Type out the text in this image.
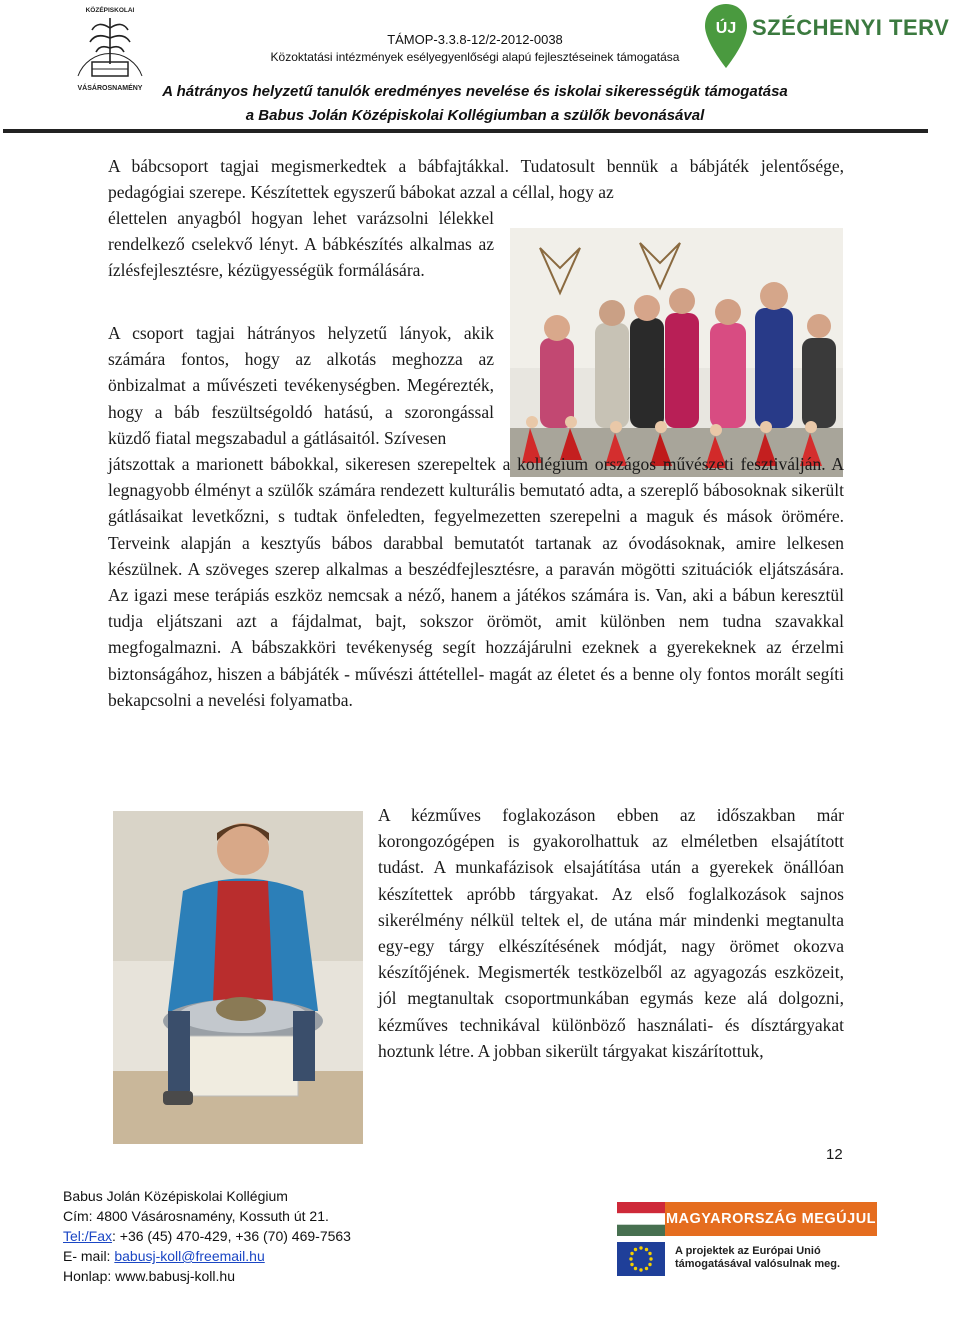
KÖZÉPISKOLAI
VÁSÁROSNAMÉNY
TÁMOP-3.3.8-12/2-2012-0038
Közoktatási intézmények esélyegyenlőségi alapú fejlesztéseinek támogatása
A hátrányos helyzetű tanulók eredményes nevelése és iskolai sikerességük támogatása
a Babus Jolán Középiskolai Kollégiumban a szülők bevonásával
ÚJ SZÉCHENYI TERV

A bábcsoport tagjai megismerkedtek a bábfajtákkal. Tudatosult bennük a bábjáték jelentősége, pedagógiai szerepe. Készítettek egyszerű bábokat azzal a céllal, hogy az

élettelen anyagból hogyan lehet varázsolni lélekkel rendelkező cselekvő lényt. A bábkészítés alkalmas az ízlésfejlesztésre, kézügyességük formálására.

A csoport tagjai hátrányos helyzetű lányok, akik számára fontos, hogy az alkotás meghozza az önbizalmat a művészeti tevékenységben. Megérezték, hogy a báb feszültségoldó hatású, a szorongással küzdő fiatal megszabadul a gátlásaitól. Szívesen

játszottak a marionett bábokkal, sikeresen szerepeltek a kollégium országos művészeti fesztiválján. A legnagyobb élményt a szülők számára rendezett kulturális bemutató adta, a szereplő bábosoknak sikerült gátlásaikat levetkőzni, s tudtak önfeledten, fegyelmezetten szerepelni a maguk és mások örömére. Terveink alapján a kesztyűs bábos darabbal bemutatót tartanak az óvodásoknak, amire lelkesen készülnek. A szöveges szerep alkalmas a beszédfejlesztésre, a paraván mögötti szituációk eljátszására. Az igazi mese terápiás eszköz nemcsak a néző, hanem a játékos számára is. Van, aki a bábun keresztül tudja eljátszani azt a fájdalmat, bajt, sokszor örömöt, amit különben nem tudna szavakkal megfogalmazni. A bábszakköri tevékenység segít hozzájárulni ezeknek a gyerekeknek az érzelmi biztonságához, hiszen a bábjáték - művészi áttétellel- magát az életet és a benne oly fontos morált segíti bekapcsolni a nevelési folyamatba.

A kézműves foglakozáson ebben az időszakban már korongozógépen is gyakorolhattuk az elméletben elsajátított tudást. A munkafázisok elsajátítása után a gyerekek önállóan készítettek apróbb tárgyakat. Az első foglalkozások sajnos sikerélmény nélkül teltek el, de utána már mindenki megtanulta egy-egy tárgy elkészítésének módját, nagy örömet okozva készítőjének. Megismerték testközelből az agyagozás eszközeit, jól megtanultak csoportmunkában egymás keze alá dolgozni, kézműves technikával különböző használati- és dísztárgyakat hoztunk létre. A jobban sikerült tárgyakat kiszárítottuk,

12
Babus Jolán Középiskolai Kollégium
Cím: 4800 Vásárosnamény, Kossuth út 21.
Tel:/Fax: +36 (45) 470-429, +36 (70) 469-7563
E- mail: babusj-koll@freemail.hu
Honlap: www.babusj-koll.hu
MAGYARORSZÁG MEGÚJUL
A projektek az Európai Unió
támogatásával valósulnak meg.
